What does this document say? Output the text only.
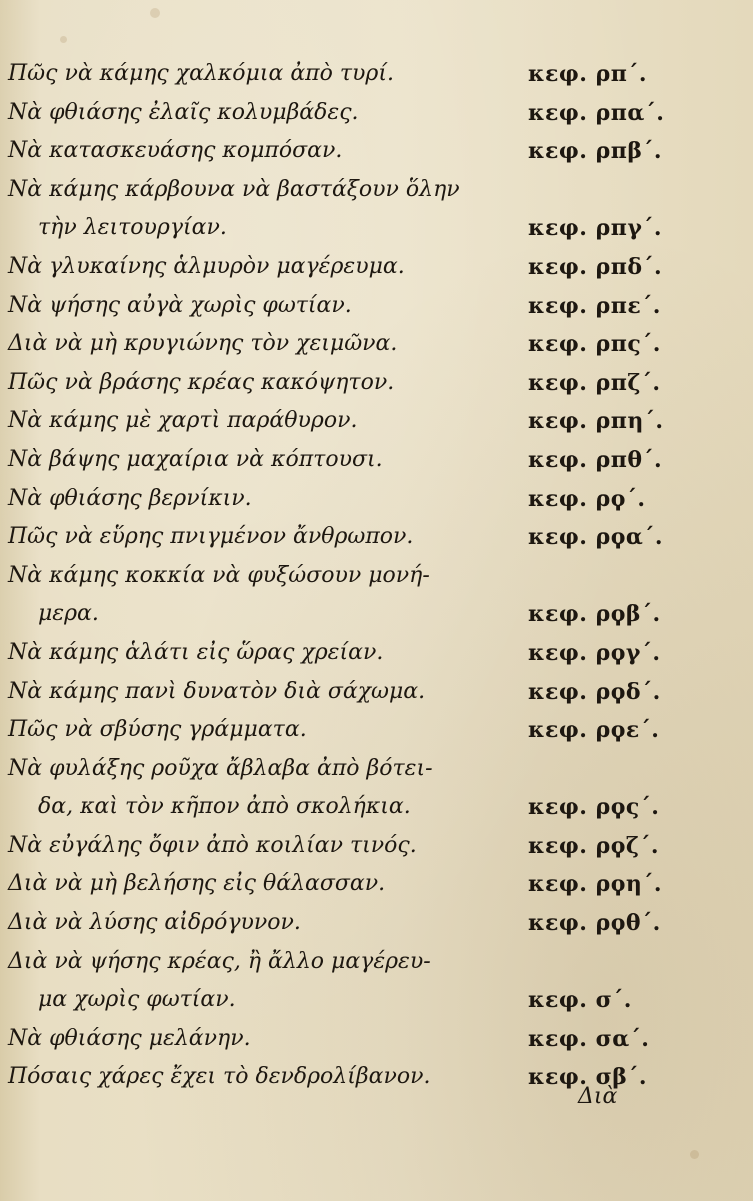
Πῶς νὰ κάμης χαλκόμια ἀπὸ τυρί.	κεφ. ρπ΄.
Νὰ φθιάσης ἐλαῖς κολυμβάδες.	κεφ. ρπα΄.
Νὰ κατασκευάσης κομπόσαν.	κεφ. ρπβ΄.
Νὰ κάμης κάρβουνα νὰ βαστάξουν ὅλην
τὴν λειτουργίαν.	κεφ. ρπγ΄.
Νὰ γλυκαίνης ἁλμυρὸν μαγέρευμα.	κεφ. ρπδ΄.
Νὰ ψήσης αὐγὰ χωρὶς φωτίαν.	κεφ. ρπε΄.
Διὰ νὰ μὴ κρυγιώνης τὸν χειμῶνα.	κεφ. ρπς΄.
Πῶς νὰ βράσης κρέας κακόψητον.	κεφ. ρπζ΄.
Νὰ κάμης μὲ χαρτὶ παράθυρον.	κεφ. ρπη΄.
Νὰ βάψης μαχαίρια νὰ κόπτουσι.	κεφ. ρπθ΄.
Νὰ φθιάσης βερνίκιν.	κεφ. ρϙ΄.
Πῶς νὰ εὕρης πνιγμένον ἄνθρωπον.	κεφ. ρϙα΄.
Νὰ κάμης κοκκία νὰ φυξώσουν μονή-
μερα.	κεφ. ρϙβ΄.
Νὰ κάμης ἁλάτι εἰς ὥρας χρείαν.	κεφ. ρϙγ΄.
Νὰ κάμης πανὶ δυνατὸν διὰ σάχωμα.	κεφ. ρϙδ΄.
Πῶς νὰ σβύσης γράμματα.	κεφ. ρϙε΄.
Νὰ φυλάξης ροῦχα ἄβλαβα ἀπὸ βότει-
δα, καὶ τὸν κῆπον ἀπὸ σκολήκια.	κεφ. ρϙς΄.
Νὰ εὐγάλης ὄφιν ἀπὸ κοιλίαν τινός.	κεφ. ρϙζ΄.
Διὰ νὰ μὴ βελήσης εἰς θάλασσαν.	κεφ. ρϙη΄.
Διὰ νὰ λύσης αἰδρόγυνον.	κεφ. ρϙθ΄.
Διὰ νὰ ψήσης κρέας, ἢ ἄλλο μαγέρευ-
μα χωρὶς φωτίαν.	κεφ. σ΄.
Νὰ φθιάσης μελάνην.	κεφ. σα΄.
Πόσαις χάρες ἔχει τὸ δενδρολίβανον.	κεφ. σβ΄.
Διὰ
